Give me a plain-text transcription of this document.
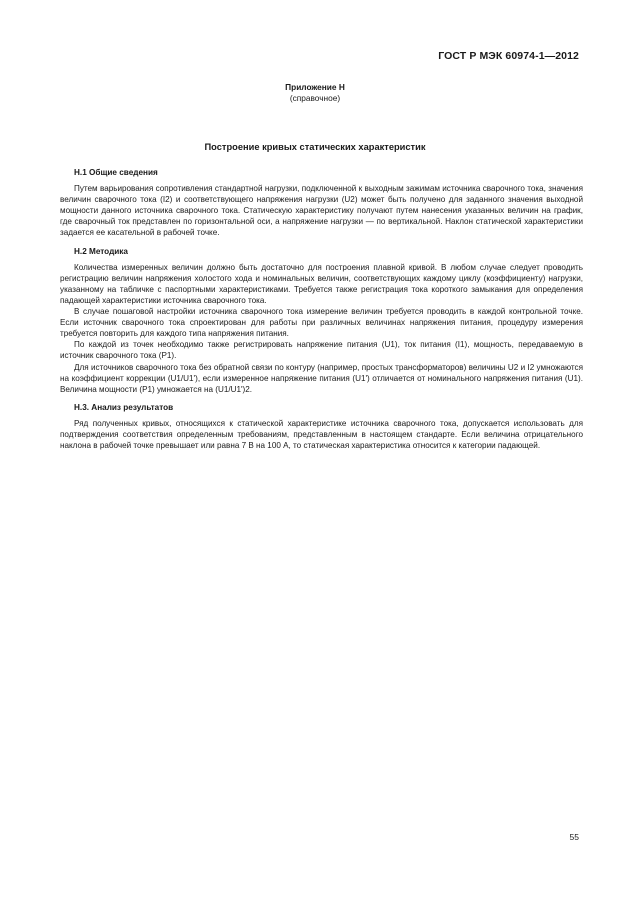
ГОСТ Р МЭК 60974-1—2012
Приложение Н
(справочное)
Построение кривых статических характеристик
Н.1 Общие сведения

Путем варьирования сопротивления стандартной нагрузки, подключенной к выходным зажимам источника сварочного тока, значения величин сварочного тока (I2) и соответствующего напряжения нагрузки (U2) может быть получено для заданного значения выходной мощности данного источника сварочного тока. Статическую характеристику получают путем нанесения указанных величин на график, где сварочный ток представлен по горизонтальной оси, а напряжение нагрузки — по вертикальной. Наклон статической характеристики задается ее касательной в рабочей точке.

Н.2 Методика

Количества измеренных величин должно быть достаточно для построения плавной кривой. В любом случае следует проводить регистрацию величин напряжения холостого хода и номинальных величин, соответствующих каждому циклу (коэффициенту) нагрузки, указанному на табличке с паспортными характеристиками. Требуется также регистрация тока короткого замыкания для определения падающей характеристики источника сварочного тока.

В случае пошаговой настройки источника сварочного тока измерение величин требуется проводить в каждой контрольной точке. Если источник сварочного тока спроектирован для работы при различных величинах напряжения питания, процедуру измерения требуется повторить для каждого типа напряжения питания.

По каждой из точек необходимо также регистрировать напряжение питания (U1), ток питания (I1), мощность, передаваемую в источник сварочного тока (P1).

Для источников сварочного тока без обратной связи по контуру (например, простых трансформаторов) величины U2 и I2 умножаются на коэффициент коррекции (U1/U1'), если измеренное напряжение питания (U1') отличается от номинального напряжения питания (U1). Величина мощности (P1) умножается на (U1/U1')2.

Н.3. Анализ результатов

Ряд полученных кривых, относящихся к статической характеристике источника сварочного тока, допускается использовать для подтверждения соответствия определенным требованиям, представленным в настоящем стандарте. Если величина отрицательного наклона в рабочей точке превышает или равна 7 В на 100 А, то статическая характеристика относится к категории падающей.

55
